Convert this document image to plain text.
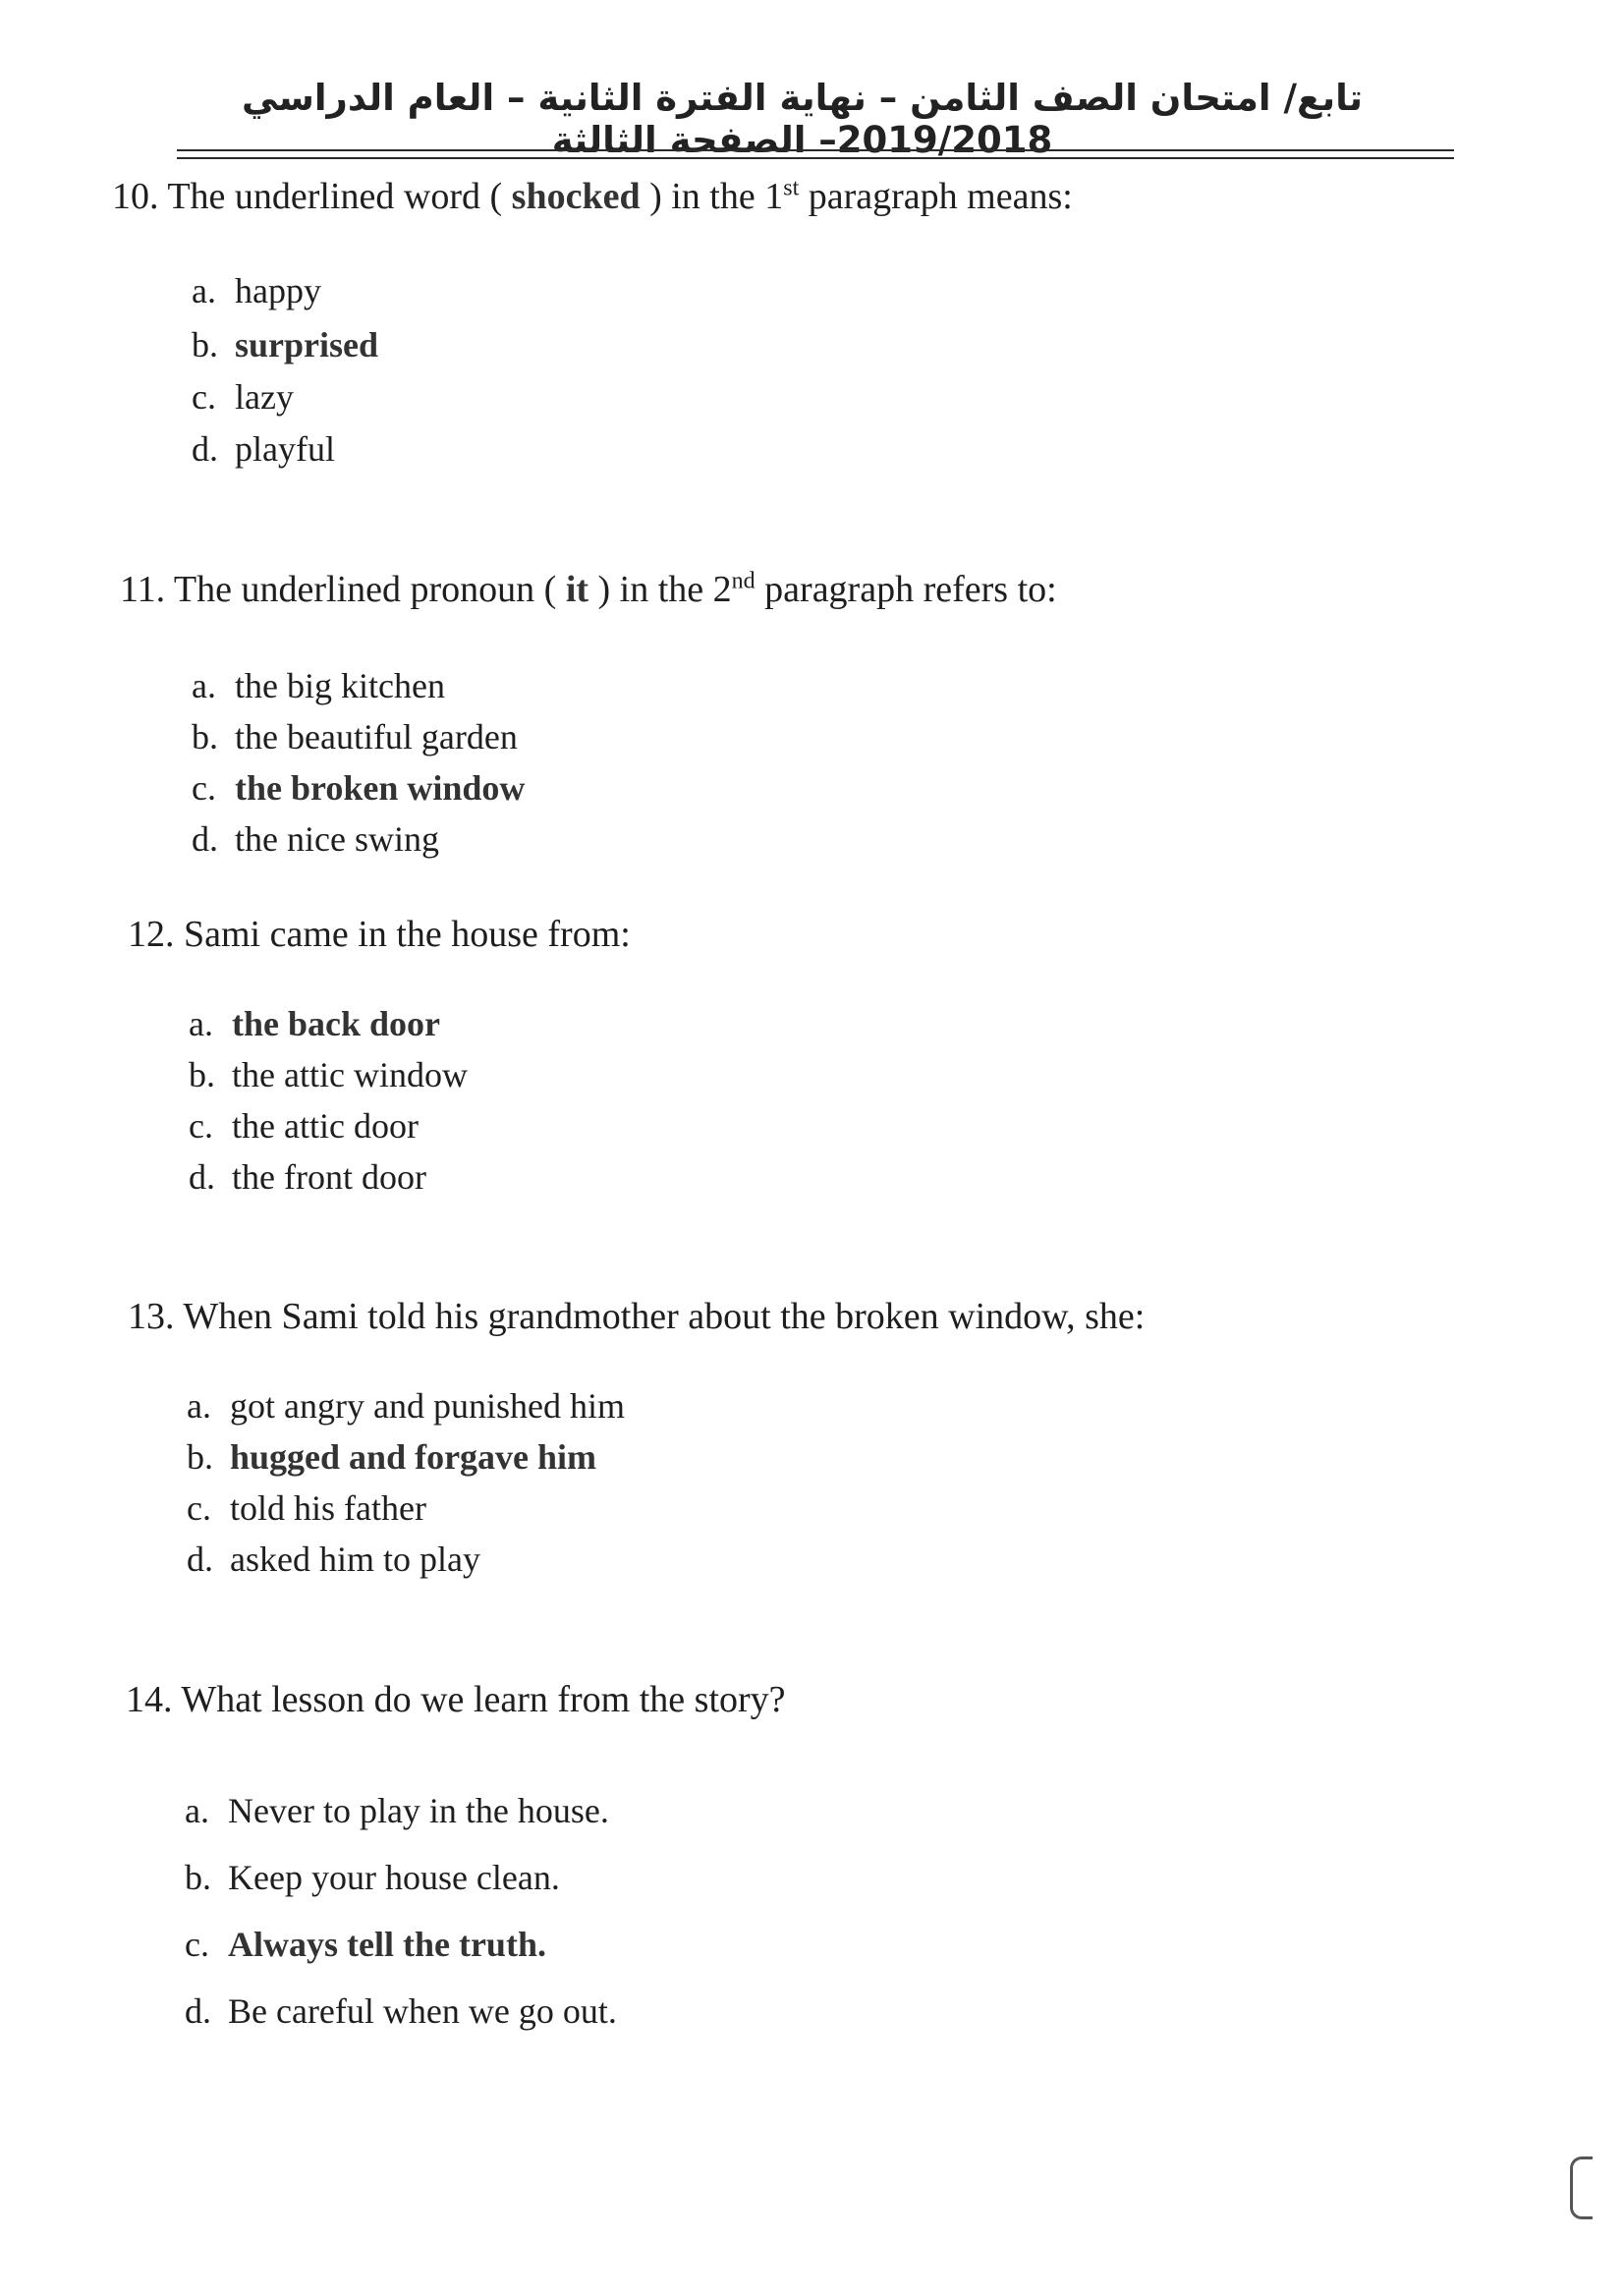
تابع/ امتحان الصف الثامن – نهاية الفترة الثانية – العام الدراسي 2019/2018– الصفحة الثالثة
10. The underlined word ( shocked ) in the 1st paragraph means:
a. happy
b. surprised
c. lazy
d. playful
11. The underlined pronoun ( it ) in the 2nd paragraph refers to:
a. the big kitchen
b. the beautiful garden
c. the broken window
d. the nice swing
12. Sami came in the house from:
a. the back door
b. the attic window
c. the attic door
d. the front door
13. When Sami told his grandmother about the broken window, she:
a. got angry and punished him
b. hugged and forgave him
c. told his father
d. asked him to play
14. What lesson do we learn from the story?
a. Never to play in the house.
b. Keep your house clean.
c. Always tell the truth.
d. Be careful when we go out.
